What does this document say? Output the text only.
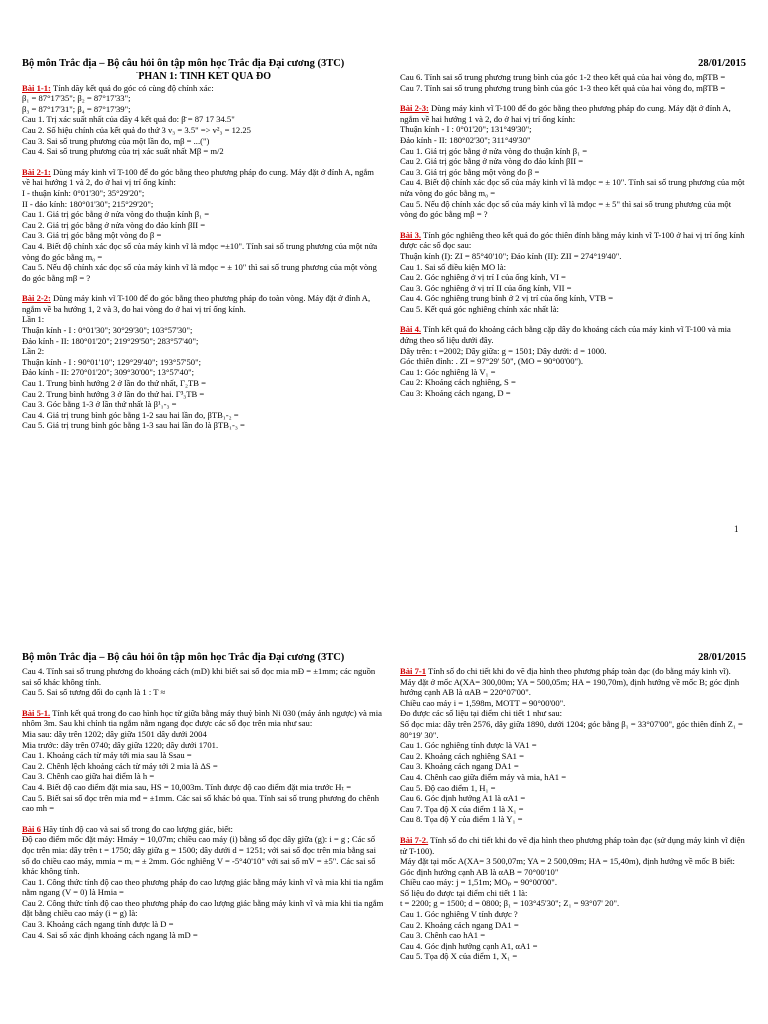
Bộ môn Trắc địa – Bộ câu hỏi ôn tập môn học Trắc địa Đại cương (3TC)	28/01/2015
`PHẦN 1: TÍNH KẾT QUẢ ĐO
Bài 1-1: Tính dãy kết quả đo góc có cùng độ chính xác:
β₁ = 87°17'35"; β₂ = 87°17'33";
β₃ = 87°17'31"; β₄ = 87°17'39";
Cau 1. Trị xác suất nhất của dãy 4 kết quả đo: β̄ = 87 17 34.5"
Cau 2. Số hiệu chính của kết quả đo thứ 3 v₃ = 3.5" => v²₃ = 12.25
Cau 3. Sai số trung phương của một lần đo, mβ = ...(")
Cau 4. Sai số trung phương của trị xác suất nhất Mβ = m/2
Bài 2-1: Dùng máy kinh vĩ T-100 để đo góc bằng theo phương pháp đo cung. Máy đặt ở đỉnh A, ngắm về hai hướng 1 và 2, đo ở hai vị trí ống kính:
I - thuận kính: 0°01'30"; 35°29'20";
II - đảo kính: 180°01'30"; 215°29'20";
Cau 1. Giá trị góc bằng ở nửa vòng đo thuận kính β₁ =
Cau 2. Giá trị góc bằng ở nửa vòng đo đảo kính βII =
Cau 3. Giá trị góc bằng một vòng đo β =
Cau 4. Biết độ chính xác đọc số của máy kinh vĩ là mđọc =±10". Tính sai số trung phương của một nửa vòng đo góc bằng m₀ =
Cau 5. Nếu độ chính xác đọc số của máy kinh vĩ là mđọc = ± 10" thì sai số trung phương của một vòng đo góc bằng mβ = ?
Bài 2-2: Dùng máy kinh vĩ T-100 để đo góc bằng theo phương pháp đo toàn vòng. Máy đặt ở đỉnh A, ngắm về ba hướng 1, 2 và 3, đo hai vòng đo ở hai vị trí ống kính.
Lần 1:
Thuận kính - I : 0°01'30"; 30°29'30"; 103°57'30";
Đảo kính - II: 180°01'20"; 219°29'50"; 283°57'40";
Lần 2:
Thuận kính - I : 90°01'10"; 129°29'40"; 193°57'50";
Đảo kính - II: 270°01'20"; 309°30'00"; 13°57'40";
Cau 1. Trung bình hướng 2 ở lần đo thứ nhất, Γ₂TB =
Cau 2. Trung bình hướng 3 ở lần đo thứ hai. Γ³₃TB =
Cau 3. Góc bằng 1-3 ở lần thứ nhất là β¹₁-₃ =
Cau 4. Giá trị trung bình góc bằng 1-2 sau hai lần đo, βTB₁-₂ =
Cau 5. Giá trị trung bình góc bằng 1-3 sau hai lần đo là βTB₁-₃ =
Cau 6. Tính sai số trung phương trung bình của góc 1-2 theo kết quả của hai vòng đo, mβTB =
Cau 7. Tính sai số trung phương trung bình của góc 1-3 theo kết quả của hai vòng đo, mβTB =
Bài 2-3: Dùng máy kinh vĩ T-100 để đo góc bằng theo phương pháp đo cung. Máy đặt ở đỉnh A, ngắm về hai hướng 1 và 2, đo ở hai vị trí ống kính:
Thuận kính - I : 0°01'20"; 131°49'30";
Đảo kính - II: 180°02'30"; 311°49'30"
Cau 1. Giá trị góc bằng ở nửa vòng đo thuận kính β₁ =
Cau 2. Giá trị góc bằng ở nửa vòng đo đảo kính βII =
Cau 3. Giá trị góc bằng một vòng đo β =
Cau 4. Biết độ chính xác đọc số của máy kinh vĩ là mđọc = ± 10". Tính sai số trung phương của một nửa vòng đo góc bằng m₀ =
Cau 5. Nếu độ chính xác đọc số của máy kinh vĩ là mđọc = ± 5" thì sai số trung phương của một vòng đo góc bằng mβ = ?
Bài 3. Tính góc nghiêng theo kết quả đo góc thiên đỉnh bằng máy kinh vĩ T-100 ở hai vị trí ống kính được các số đọc sau:
Thuận kính (I): ZI = 85°40'10"; Đảo kính (II): ZII = 274°19'40".
Cau 1. Sai số điều kiện MO là:
Cau 2. Góc nghiêng ở vị trí I của ống kính, VI =
Cau 3. Góc nghiêng ở vị trí II của ống kính, VII =
Cau 4. Góc nghiêng trung bình ở 2 vị trí của ống kính, VTB =
Cau 5. Kết quả góc nghiêng chính xác nhất là:
Bài 4. Tính kết quả đo khoảng cách bằng cặp dây đo khoảng cách của máy kinh vĩ T-100 và mia đứng theo số liệu dưới đây.
Dây trên: t =2002; Dây giữa: g = 1501; Dây dưới: d = 1000.
Góc thiên đỉnh: . ZI = 97°29' 50", (MO = 90°00'00").
Cau 1: Góc nghiêng là V₁ =
Cau 2: Khoảng cách nghiêng, S =
Cau 3: Khoảng cách ngang, D =
1
Bộ môn Trắc địa – Bộ câu hỏi ôn tập môn học Trắc địa Đại cương (3TC)	28/01/2015
Cau 4. Tính sai số trung phương đo khoảng cách (mD) khi biết sai số đọc mia mĐ = ±1mm; các nguồn sai số khác không tính.
Cau 5. Sai số tương đối đo cạnh là 1 : T ≈
Bài 5-1. Tính kết quả trong đo cao hình học từ giữa bằng máy thuỷ bình Ni 030 (máy ảnh ngược) và mia nhôm 3m. Sau khi chỉnh tia ngắm nằm ngang đọc được các số đọc trên mia như sau:
Mia sau: dây trên 1202; dây giữa 1501 dây dưới 2004
Mia trước: dây trên 0740; dây giữa 1220; dây dưới 1701.
Cau 1. Khoảng cách từ máy tới mia sau là Ssau =
Cau 2. Chênh lệch khoảng cách từ máy tới 2 mia là ΔS =
Cau 3. Chênh cao giữa hai điểm là h =
Cau 4. Biết độ cao điểm đặt mia sau, HS = 10,003m. Tính được độ cao điểm đặt mia trước Hₜ =
Cau 5. Biết sai số đọc trên mia mđ = ±1mm. Các sai số khác bỏ qua. Tính sai số trung phương đo chênh cao mh =
Bài 6 Hãy tính độ cao và sai số trong đo cao lượng giác, biết:
Độ cao điểm mốc đặt máy: Hmáy = 10,07m; chiều cao máy (i) bằng số đọc dây giữa (g): i = g ; Các số đọc trên mia: dây trên t = 1750; dây giữa g = 1500; dây dưới d = 1251; với sai số đọc trên mia bằng sai số đo chiều cao máy, mmia = mᵢ = ± 2mm. Góc nghiêng V = -5°40'10" với sai số mV = ±5". Các sai số khác không tính.
Cau 1. Công thức tính độ cao theo phương pháp đo cao lượng giác bằng máy kinh vĩ và mia khi tia ngắm nằm ngang (V = 0) là Hmia =
Cau 2. Công thức tính độ cao theo phương pháp đo cao lượng giác bằng máy kinh vĩ và mia khi tia ngắm đặt bằng chiều cao máy (i = g) là:
Cau 3. Khoảng cách ngang tính được là D =
Cau 4. Sai số xác định khoảng cách ngang là mD =
Bài 7-1 Tính số đo chi tiết khi đo vẽ địa hình theo phương pháp toàn đạc (đo bằng máy kinh vĩ).
Máy đặt ở mốc A(XA= 300,00m; YA = 500,05m; HA = 190,70m), định hướng về mốc B; góc định hướng cạnh AB là αAB = 220°07'00".
Chiều cao máy i = 1,598m, MOTT = 90°00'00".
Đo được các số liệu tại điểm chi tiết 1 như sau:
Số đọc mia: dây trên 2576, dây giữa 1890, dưới 1204; góc bằng β₁ = 33°07'00", góc thiên đỉnh Z₁ = 80°19' 30".
Cau 1. Góc nghiêng tính được là VA1 =
Cau 2. Khoảng cách nghiêng SA1 =
Cau 3. Khoảng cách ngang DA1 =
Cau 4. Chênh cao giữa điểm máy và mia, hA1 =
Cau 5. Độ cao điểm 1, H₁ =
Cau 6. Góc định hướng A1 là αA1 =
Cau 7. Tọa độ X của điểm 1 là X₁ =
Cau 8. Tọa độ Y của điểm 1 là Y₁ =
Bài 7-2. Tính số đo chi tiết khi đo vẽ địa hình theo phương pháp toàn đạc (sử dụng máy kinh vĩ điện tử T-100).
Máy đặt tại mốc A(XA= 3 500,07m; YA = 2 500,09m; HA = 15,40m), định hướng về mốc B biết:
Góc định hướng cạnh AB là αAB = 70°00'10"
Chiều cao máy: j = 1,51m; MOₚ = 90°00'00".
Số liệu đo được tại điểm chi tiết 1 là:
t = 2200; g = 1500; d = 0800; β₁ = 103°45'30"; Z₁ = 93°07' 20".
Cau 1. Góc nghiêng V tính được ?
Cau 2. Khoảng cách ngang DA1 =
Cau 3. Chênh cao hA1 =
Cau 4. Góc định hướng cạnh A1, αA1 =
Cau 5. Tọa độ X của điểm 1, X₁ =
